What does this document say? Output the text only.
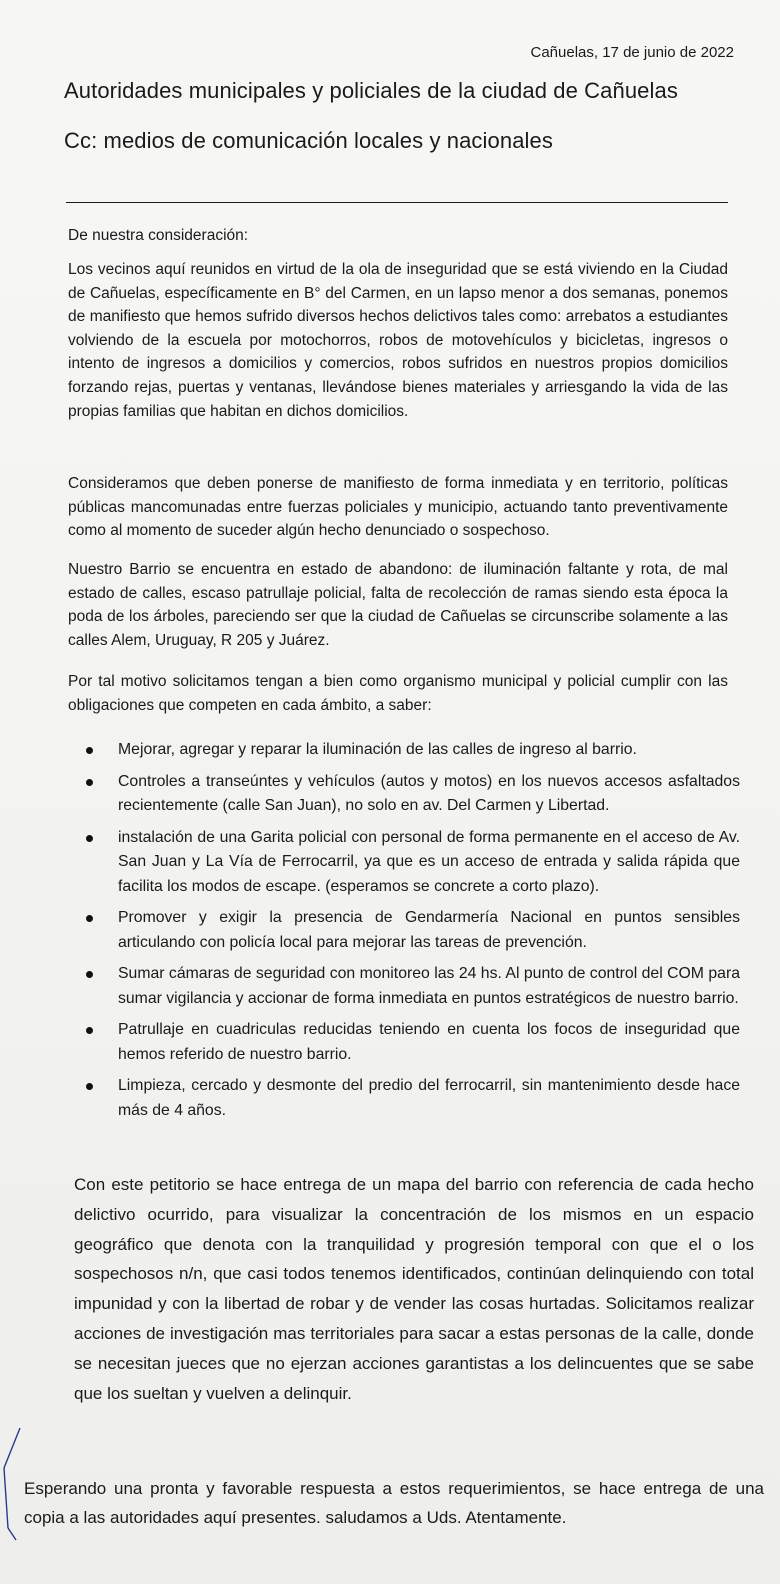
Cañuelas, 17 de junio de 2022
Autoridades municipales y policiales de la ciudad de Cañuelas
Cc: medios de comunicación locales y nacionales
De nuestra consideración:

Los vecinos aquí reunidos en virtud de la ola de inseguridad que se está viviendo en la Ciudad de Cañuelas, específicamente en B° del Carmen, en un lapso menor a dos semanas, ponemos de manifiesto que hemos sufrido diversos hechos delictivos tales como: arrebatos a estudiantes volviendo de la escuela por motochorros, robos de motovehículos y bicicletas, ingresos o intento de ingresos a domicilios y comercios, robos sufridos en nuestros propios domicilios forzando rejas, puertas y ventanas, llevándose bienes materiales y arriesgando la vida de las propias familias que habitan en dichos domicilios.

Consideramos que deben ponerse de manifiesto de forma inmediata y en territorio, políticas públicas mancomunadas entre fuerzas policiales y municipio, actuando tanto preventivamente como al momento de suceder algún hecho denunciado o sospechoso.

Nuestro Barrio se encuentra en estado de abandono: de iluminación faltante y rota, de mal estado de calles, escaso patrullaje policial, falta de recolección de ramas siendo esta época la poda de los árboles, pareciendo ser que la ciudad de Cañuelas se circunscribe solamente a las calles Alem, Uruguay, R 205 y Juárez.

Por tal motivo solicitamos tengan a bien como organismo municipal y policial cumplir con las obligaciones que competen en cada ámbito, a saber:

Mejorar, agregar y reparar la iluminación de las calles de ingreso al barrio.
Controles a transeúntes y vehículos (autos y motos) en los nuevos accesos asfaltados recientemente (calle San Juan), no solo en av. Del Carmen y Libertad.
instalación de una Garita policial con personal de forma permanente en el acceso de Av. San Juan y La Vía de Ferrocarril, ya que es un acceso de entrada y salida rápida que facilita los modos de escape. (esperamos se concrete a corto plazo).
Promover y exigir la presencia de Gendarmería Nacional en puntos sensibles articulando con policía local para mejorar las tareas de prevención.
Sumar cámaras de seguridad con monitoreo las 24 hs. Al punto de control del COM para sumar vigilancia y accionar de forma inmediata en puntos estratégicos de nuestro barrio.
Patrullaje en cuadriculas reducidas teniendo en cuenta los focos de inseguridad que hemos referido de nuestro barrio.
Limpieza, cercado y desmonte del predio del ferrocarril, sin mantenimiento desde hace más de 4 años.

Con este petitorio se hace entrega de un mapa del barrio con referencia de cada hecho delictivo ocurrido, para visualizar la concentración de los mismos en un espacio geográfico que denota con la tranquilidad y progresión temporal con que el o los sospechosos n/n, que casi todos tenemos identificados, continúan delinquiendo con total impunidad y con la libertad de robar y de vender las cosas hurtadas. Solicitamos realizar acciones de investigación mas territoriales para sacar a estas personas de la calle, donde se necesitan jueces que no ejerzan acciones garantistas a los delincuentes que se sabe que los sueltan y vuelven a delinquir.

Esperando una pronta y favorable respuesta a estos requerimientos, se hace entrega de una copia a las autoridades aquí presentes. saludamos a Uds. Atentamente.
